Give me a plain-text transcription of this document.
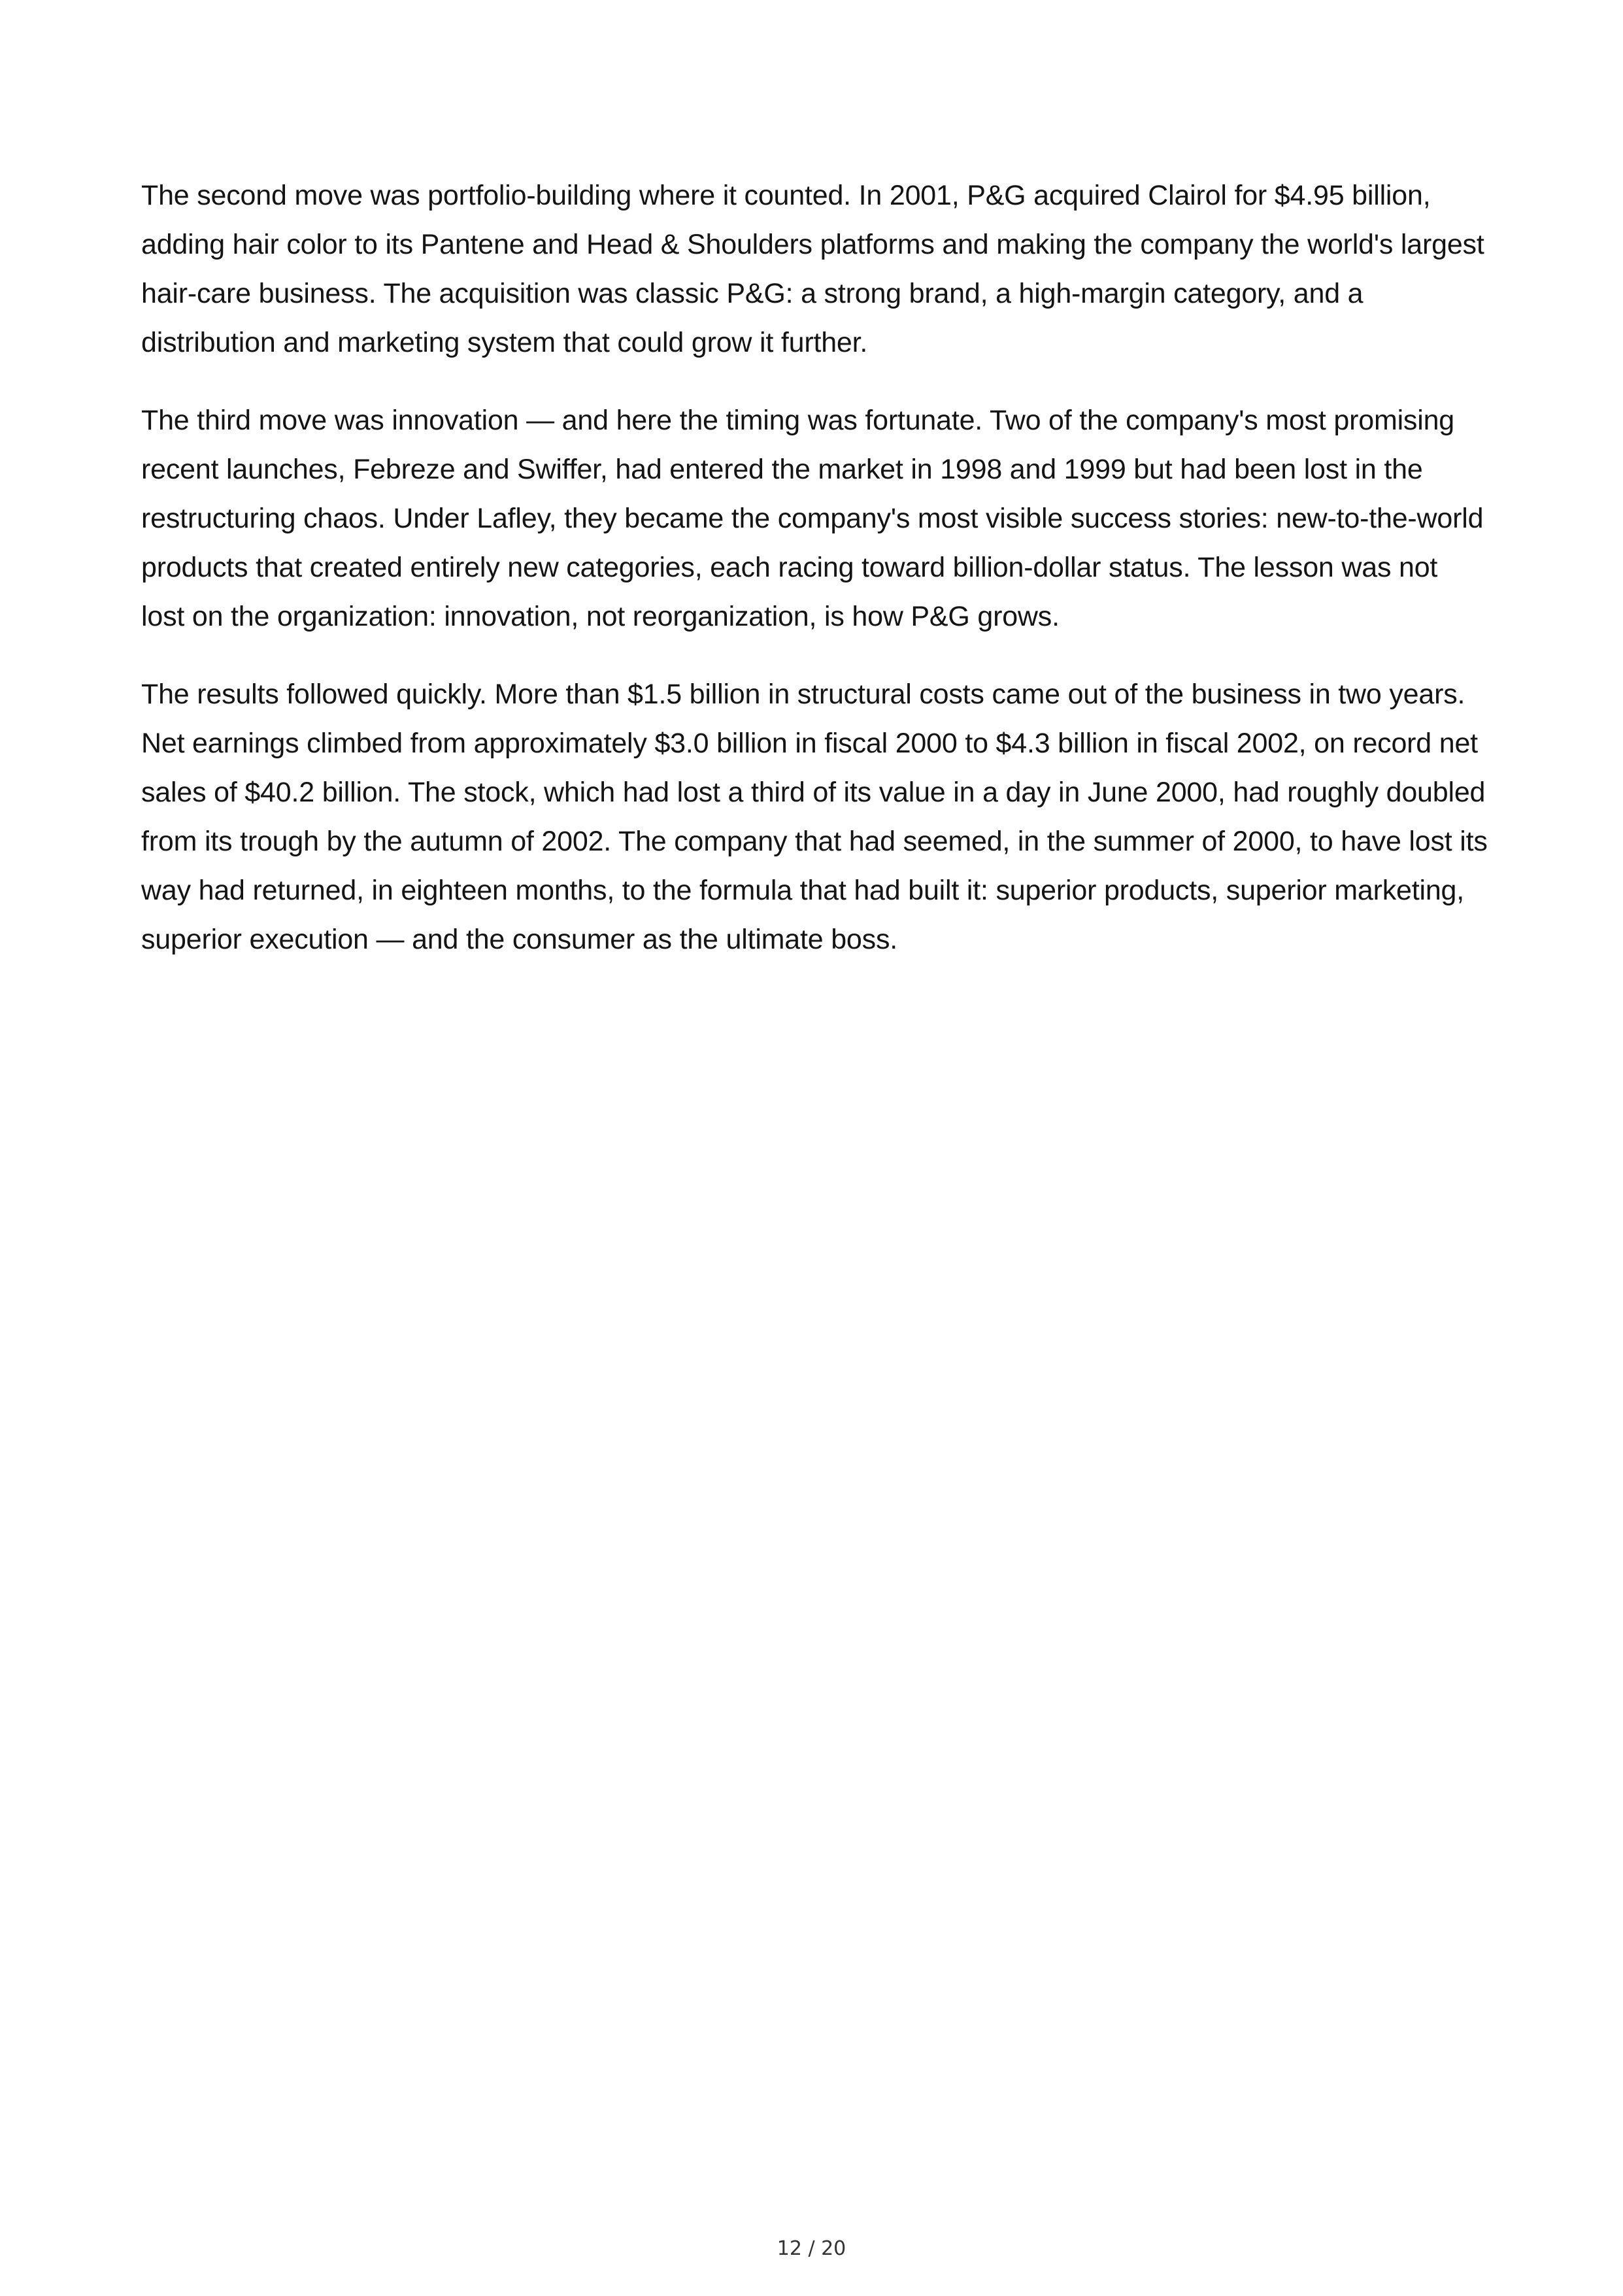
The second move was portfolio-building where it counted. In 2001, P&G acquired Clairol for $4.95 billion, adding hair color to its Pantene and Head & Shoulders platforms and making the company the world's largest hair-care business. The acquisition was classic P&G: a strong brand, a high-margin category, and a distribution and marketing system that could grow it further.

The third move was innovation — and here the timing was fortunate. Two of the company's most promising recent launches, Febreze and Swiffer, had entered the market in 1998 and 1999 but had been lost in the restructuring chaos. Under Lafley, they became the company's most visible success stories: new-to-the-world products that created entirely new categories, each racing toward billion-dollar status. The lesson was not lost on the organization: innovation, not reorganization, is how P&G grows.

The results followed quickly. More than $1.5 billion in structural costs came out of the business in two years. Net earnings climbed from approximately $3.0 billion in fiscal 2000 to $4.3 billion in fiscal 2002, on record net sales of $40.2 billion. The stock, which had lost a third of its value in a day in June 2000, had roughly doubled from its trough by the autumn of 2002. The company that had seemed, in the summer of 2000, to have lost its way had returned, in eighteen months, to the formula that had built it: superior products, superior marketing, superior execution — and the consumer as the ultimate boss.

12 / 20
